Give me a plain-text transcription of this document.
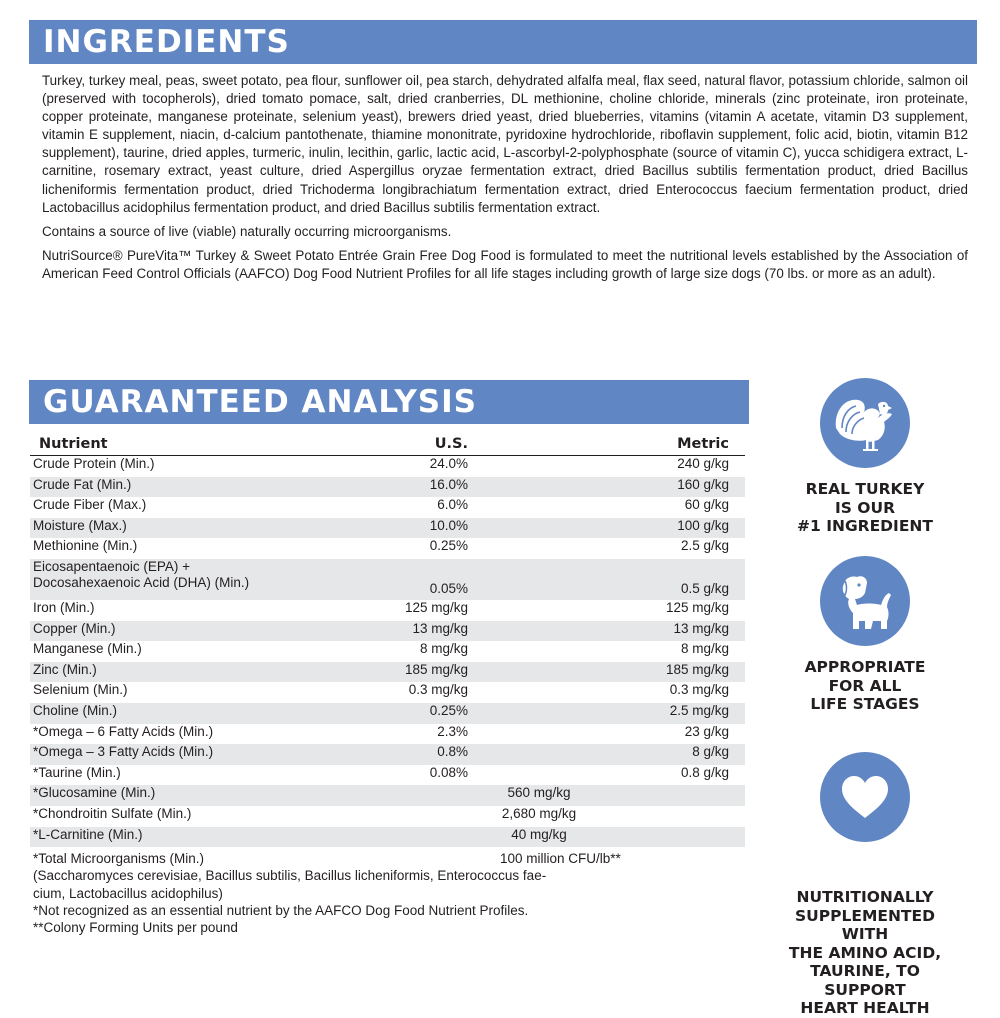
INGREDIENTS

Turkey, turkey meal, peas, sweet potato, pea flour, sunflower oil, pea starch, dehydrated alfalfa meal, flax seed, natural flavor, potassium chloride, salmon oil (preserved with tocopherols), dried tomato pomace, salt, dried cranberries, DL methionine, choline chloride, minerals (zinc proteinate, iron proteinate, copper proteinate, manganese proteinate, selenium yeast), brewers dried yeast, dried blueberries, vitamins (vitamin A acetate, vitamin D3 supplement, vitamin E supplement, niacin, d-calcium pantothenate, thiamine mononitrate, pyridoxine hydrochloride, riboflavin supplement, folic acid, biotin, vitamin B12 supplement), taurine, dried apples, turmeric, inulin, lecithin, garlic, lactic acid, L-ascorbyl-2-polyphosphate (source of vitamin C), yucca schidigera extract, L-carnitine, rosemary extract, yeast culture, dried Aspergillus oryzae fermentation extract, dried Bacillus subtilis fermentation product, dried Bacillus licheniformis fermentation product, dried Trichoderma longibrachiatum fermentation extract, dried Enterococcus faecium fermentation product, dried Lactobacillus acidophilus fermentation product, and dried Bacillus subtilis fermentation extract.

Contains a source of live (viable) naturally occurring microorganisms.

NutriSource® PureVita™ Turkey & Sweet Potato Entrée Grain Free Dog Food is formulated to meet the nutritional levels established by the Association of American Feed Control Officials (AAFCO) Dog Food Nutrient Profiles for all life stages including growth of large size dogs (70 lbs. or more as an adult).

GUARANTEED ANALYSIS
Nutrient	U.S.	Metric
Crude Protein (Min.)	24.0%	240 g/kg
Crude Fat (Min.)	16.0%	160 g/kg
Crude Fiber (Max.)	6.0%	60 g/kg
Moisture (Max.)	10.0%	100 g/kg
Methionine (Min.)	0.25%	2.5 g/kg

Eicosapentaenoic (EPA) +
Docosahexaenoic Acid (DHA) (Min.)	0.05%	0.5 g/kg
Iron (Min.)	125 mg/kg	125 mg/kg
Copper (Min.)	13 mg/kg	13 mg/kg
Manganese (Min.)	8 mg/kg	8 mg/kg
Zinc (Min.)	185 mg/kg	185 mg/kg
Selenium (Min.)	0.3 mg/kg	0.3 mg/kg
Choline (Min.)	0.25%	2.5 mg/kg
*Omega – 6 Fatty Acids (Min.)	2.3%	23 g/kg
*Omega – 3 Fatty Acids (Min.)	0.8%	8 g/kg
*Taurine (Min.)	0.08%	0.8 g/kg
*Glucosamine (Min.)	560 mg/kg	
*Chondroitin Sulfate (Min.)	2,680 mg/kg	
*L-Carnitine (Min.)	40 mg/kg	
*Total Microorganisms (Min.)	100 million CFU/lb**
(Saccharomyces cerevisiae, Bacillus subtilis, Bacillus licheniformis, Enterococcus fae-
cium, Lactobacillus acidophilus)
*Not recognized as an essential nutrient by the AAFCO Dog Food Nutrient Profiles.
**Colony Forming Units per pound
REAL TURKEY
IS OUR
#1 INGREDIENT
APPROPRIATE
FOR ALL
LIFE STAGES
NUTRITIONALLY
SUPPLEMENTED WITH
THE AMINO ACID,
TAURINE, TO SUPPORT
HEART HEALTH
